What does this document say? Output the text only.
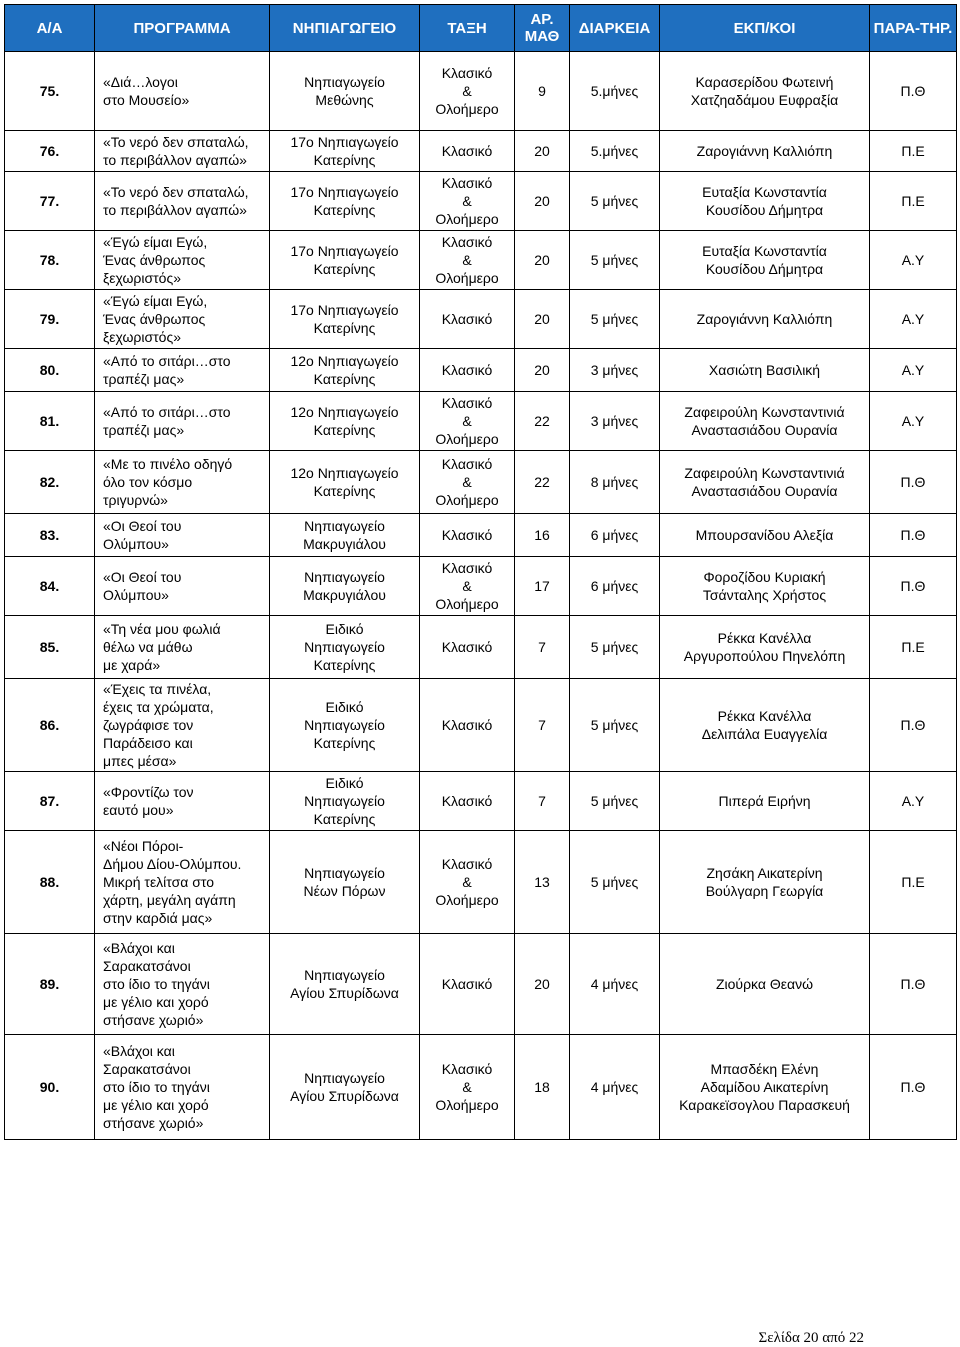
Α/Α	ΠΡΟΓΡΑΜΜΑ	ΝΗΠΙΑΓΩΓΕΙΟ	ΤΑΞΗ	ΑΡ. ΜΑΘ	ΔΙΑΡΚΕΙΑ	ΕΚΠ/ΚΟΙ	ΠΑΡΑ-ΤΗΡ.
75.	«Διά…λογοι
στο Μουσείο»	Νηπιαγωγείο
Μεθώνης	Κλασικό
&
Ολοήμερο	9	5.μήνες	Καρασερίδου Φωτεινή
Χατζηαδάμου Ευφραξία	Π.Θ
76.	«Το νερό δεν σπαταλώ,
το περιβάλλον αγαπώ»	17ο Νηπιαγωγείο
Κατερίνης	Κλασικό	20	5.μήνες	Ζαρογιάννη Καλλιόπη	Π.Ε
77.	«Το νερό δεν σπαταλώ,
το περιβάλλον αγαπώ»	17ο Νηπιαγωγείο
Κατερίνης	Κλασικό
&
Ολοήμερο	20	5 μήνες	Ευταξία Κωνσταντία
Κουσίδου Δήμητρα	Π.Ε
78.	«Έγώ είμαι Εγώ,
Ένας άνθρωπος
ξεχωριστός»	17ο Νηπιαγωγείο
Κατερίνης	Κλασικό
&
Ολοήμερο	20	5 μήνες	Ευταξία Κωνσταντία
Κουσίδου Δήμητρα	Α.Υ
79.	«Έγώ είμαι Εγώ,
Ένας άνθρωπος
ξεχωριστός»	17ο Νηπιαγωγείο
Κατερίνης	Κλασικό	20	5 μήνες	Ζαρογιάννη Καλλιόπη	Α.Υ
80.	«Από το σιτάρι…στο
τραπέζι μας»	12ο Νηπιαγωγείο
Κατερίνης	Κλασικό	20	3 μήνες	Χασιώτη Βασιλική	Α.Υ
81.	«Από το σιτάρι…στο
τραπέζι μας»	12ο Νηπιαγωγείο
Κατερίνης	Κλασικό
&
Ολοήμερο	22	3 μήνες	Ζαφειρούλη Κωνσταντινιά
Αναστασιάδου Ουρανία	Α.Υ
82.	«Με το πινέλο οδηγό
όλο τον κόσμο
τριγυρνώ»	12ο Νηπιαγωγείο
Κατερίνης	Κλασικό
&
Ολοήμερο	22	8 μήνες	Ζαφειρούλη Κωνσταντινιά
Αναστασιάδου Ουρανία	Π.Θ
83.	«Οι Θεοί του
Ολύμπου»	Νηπιαγωγείο
Μακρυγιάλου	Κλασικό	16	6 μήνες	Μπουρσανίδου Αλεξία	Π.Θ
84.	«Οι Θεοί του
Ολύμπου»	Νηπιαγωγείο
Μακρυγιάλου	Κλασικό
&
Ολοήμερο	17	6 μήνες	Φοροζίδου Κυριακή
Τσάνταλης Χρήστος	Π.Θ
85.	«Τη νέα μου φωλιά
θέλω να μάθω
με χαρά»	Ειδικό
Νηπιαγωγείο
Κατερίνης	Κλασικό	7	5 μήνες	Ρέκκα Κανέλλα
Αργυροπούλου Πηνελόπη	Π.Ε
86.	«Έχεις τα πινέλα,
έχεις τα χρώματα,
ζωγράφισε τον
Παράδεισο και
μπες μέσα»	Ειδικό
Νηπιαγωγείο
Κατερίνης	Κλασικό	7	5 μήνες	Ρέκκα Κανέλλα
Δελιπάλα Ευαγγελία	Π.Θ
87.	«Φροντίζω τον
εαυτό μου»	Ειδικό
Νηπιαγωγείο
Κατερίνης	Κλασικό	7	5 μήνες	Πιπερά Ειρήνη	Α.Υ
88.	«Νέοι Πόροι-
Δήμου Δίου-Ολύμπου.
Μικρή τελίτσα στο
χάρτη, μεγάλη αγάπη
στην καρδιά μας»	Νηπιαγωγείο
Νέων Πόρων	Κλασικό
&
Ολοήμερο	13	5 μήνες	Ζησάκη Αικατερίνη
Βούλγαρη Γεωργία	Π.Ε
89.	«Βλάχοι και
Σαρακατσάνοι
στο ίδιο το τηγάνι
με γέλιο και χορό
στήσανε χωριό»	Νηπιαγωγείο
Αγίου Σπυρίδωνα	Κλασικό	20	4 μήνες	Ζιούρκα Θεανώ	Π.Θ
90.	«Βλάχοι και
Σαρακατσάνοι
στο ίδιο το τηγάνι
με γέλιο και χορό
στήσανε χωριό»	Νηπιαγωγείο
Αγίου Σπυρίδωνα	Κλασικό
&
Ολοήμερο	18	4 μήνες	Μπασδέκη Ελένη
Αδαμίδου Αικατερίνη
Καρακεϊσογλου Παρασκευή	Π.Θ
Σελίδα 20 από 22
